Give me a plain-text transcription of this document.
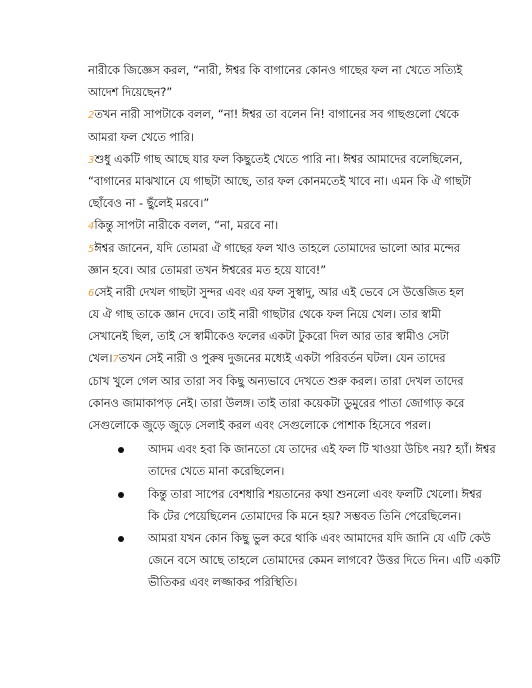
নারীকে জিজ্ঞেস করল, “নারী, ঈশ্বর কি বাগানের কোনও গাছের ফল না খেতে সত্যিই
আদেশ দিয়েছেন?”
2তখন নারী সাপটাকে বলল, “না! ঈশ্বর তা বলেন নি! বাগানের সব গাছগুলো থেকে
আমরা ফল খেতে পারি।
3শুধু একটি গাছ আছে যার ফল কিছুতেই খেতে পারি না। ঈশ্বর আমাদের বলেছিলেন,
“বাগানের মাঝখানে যে গাছটা আছে, তার ফল কোনমতেই খাবে না। এমন কি ঐ গাছটা
ছোঁবেও না - ছুঁলেই মরবে।”
4কিন্তু সাপটা নারীকে বলল, “না, মরবে না।
5ঈশ্বর জানেন, যদি তোমরা ঐ গাছের ফল খাও তাহলে তোমাদের ভালো আর মন্দের
জ্ঞান হবে। আর তোমরা তখন ঈশ্বরের মত হয়ে যাবে!”
6সেই নারী দেখল গাছটা সুন্দর এবং এর ফল সুস্বাদু, আর এই ভেবে সে উত্তেজিত হল
যে ঐ গাছ তাকে জ্ঞান দেবে। তাই নারী গাছটার থেকে ফল নিয়ে খেল। তার স্বামী
সেখানেই ছিল, তাই সে স্বামীকেও ফলের একটা টুকরো দিল আর তার স্বামীও সেটা
খেল।7তখন সেই নারী ও পুরুষ দুজনের মধ্যেই একটা পরিবর্তন ঘটল। যেন তাদের
চোখ খুলে গেল আর তারা সব কিছু অন্যভাবে দেখতে শুরু করল। তারা দেখল তাদের
কোনও জামাকাপড় নেই। তারা উলঙ্গ। তাই তারা কয়েকটা ডুমুরের পাতা জোগাড় করে
সেগুলোকে জুড়ে জুড়ে সেলাই করল এবং সেগুলোকে পোশাক হিসেবে পরল।
আদম এবং হবা কি জানতো যে তাদের এই ফল টি খাওয়া উচিৎ নয়? হ্যাঁ। ঈশ্বর
তাদের খেতে মানা করেছিলেন।
কিন্তু তারা সাপের বেশধারি শয়তানের কথা শুনলো এবং ফলটি খেলো। ঈশ্বর
কি টের পেয়েছিলেন তোমাদের কি মনে হয়? সম্ভবত তিনি পেরেছিলেন।
আমরা যখন কোন কিছু ভুল করে থাকি এবং আমাদের যদি জানি যে এটি কেউ
জেনে বসে আছে তাহলে তোমাদের কেমন লাগবে? উত্তর দিতে দিন। এটি একটি
ভীতিকর এবং লজ্জাকর পরিস্থিতি।
